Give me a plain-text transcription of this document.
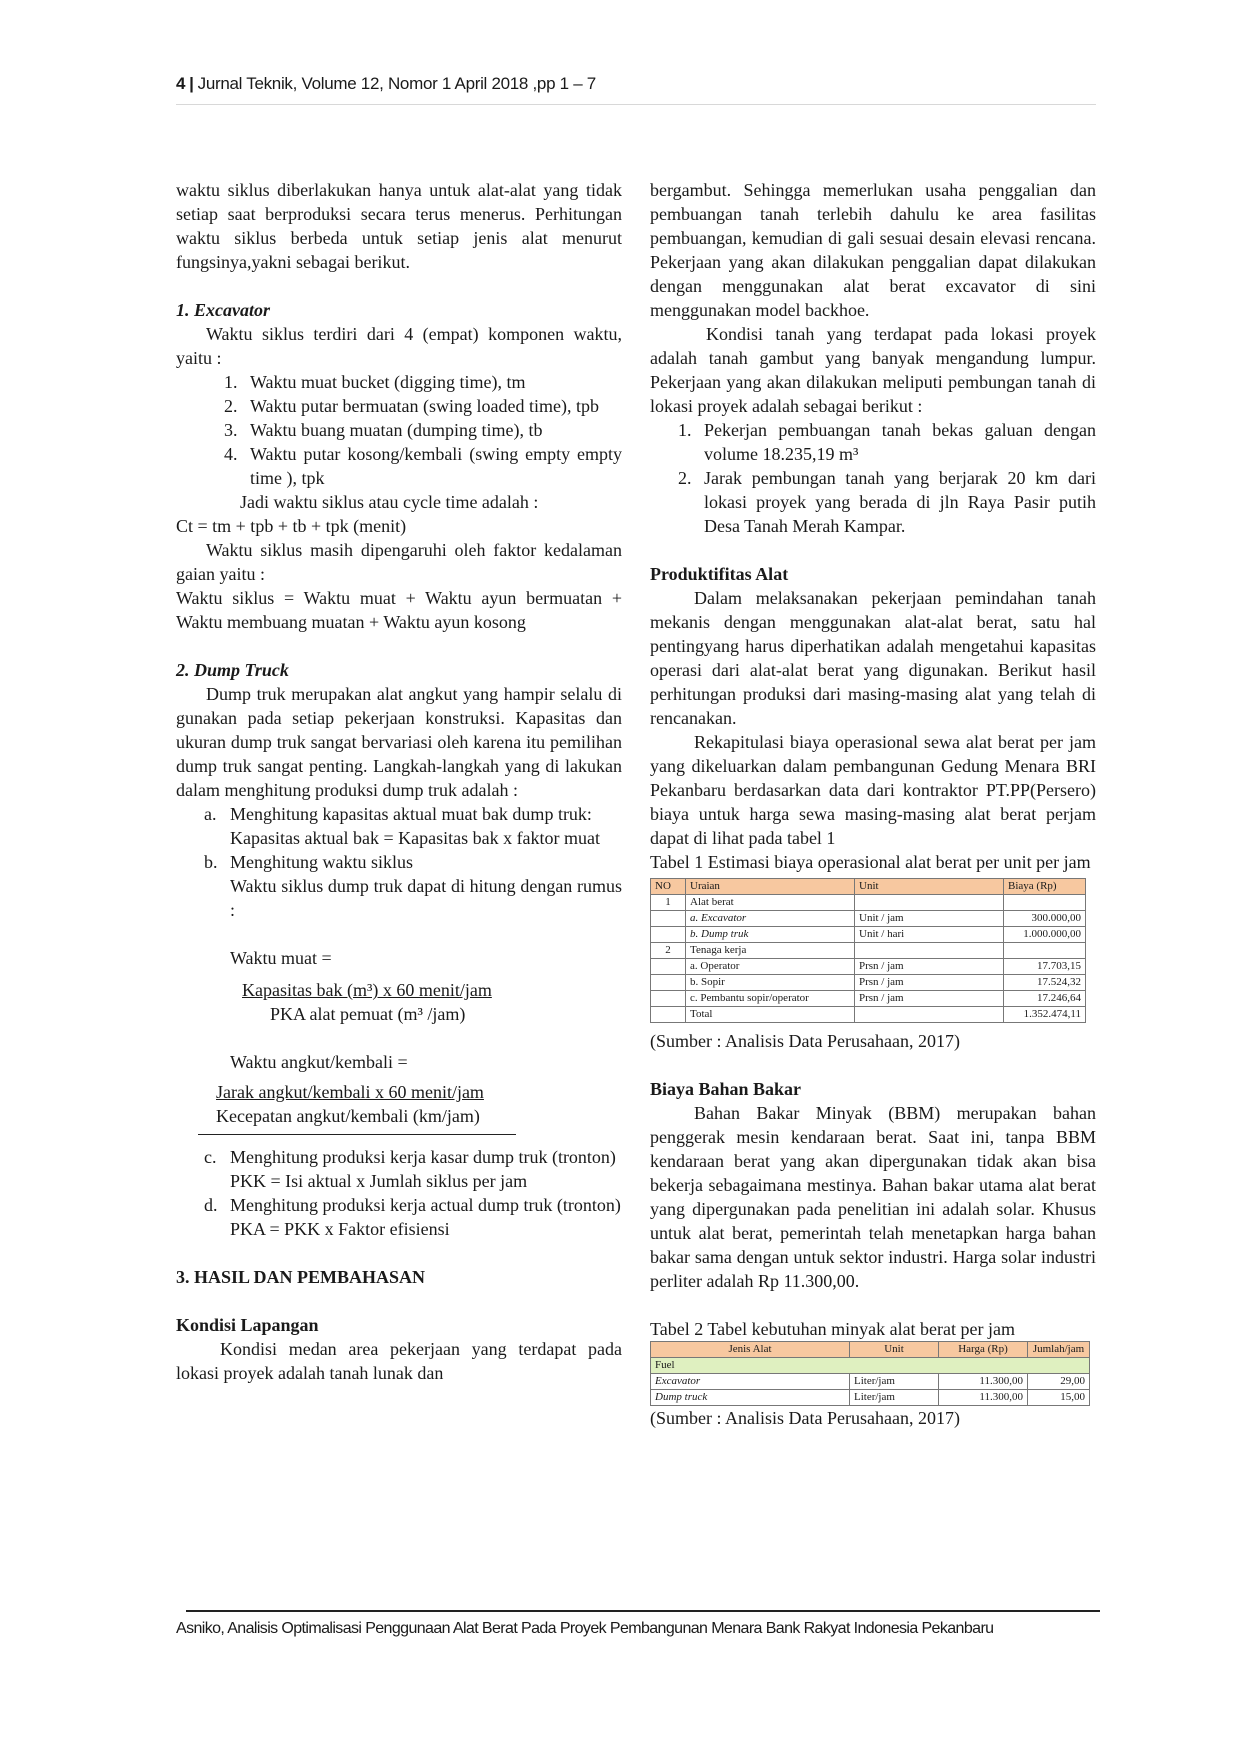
4 | Jurnal Teknik, Volume 12, Nomor 1 April 2018 ,pp 1 – 7

waktu siklus diberlakukan hanya untuk alat-alat yang tidak setiap saat berproduksi secara terus menerus. Perhitungan waktu siklus berbeda untuk setiap jenis alat menurut fungsinya,yakni sebagai berikut.

1. Excavator

Waktu siklus terdiri dari 4 (empat) komponen waktu, yaitu :

1. Waktu muat bucket (digging time), tm
2. Waktu putar bermuatan (swing loaded time), tpb
3. Waktu buang muatan (dumping time), tb
4. Waktu putar kosong/kembali (swing empty empty time ), tpk

Jadi waktu siklus atau cycle time adalah :

Ct = tm + tpb + tb + tpk (menit)

Waktu siklus masih dipengaruhi oleh faktor kedalaman gaian yaitu :

Waktu siklus = Waktu muat + Waktu ayun bermuatan + Waktu membuang muatan + Waktu ayun kosong

2. Dump Truck

Dump truk merupakan alat angkut yang hampir selalu di gunakan pada setiap pekerjaan konstruksi. Kapasitas dan ukuran dump truk sangat bervariasi oleh karena itu pemilihan dump truk sangat penting. Langkah-langkah yang di lakukan dalam menghitung produksi dump truk adalah :

a. Menghitung kapasitas aktual muat bak dump truk:

Kapasitas aktual bak = Kapasitas bak x faktor muat

b. Menghitung waktu siklus

Waktu siklus dump truk dapat di hitung dengan rumus :

Waktu muat =

Kapasitas bak (m³) x 60 menit/jam
PKA alat pemuat (m³ /jam)

Waktu angkut/kembali =

Jarak angkut/kembali x 60 menit/jam
Kecepatan angkut/kembali (km/jam)
c. Menghitung produksi kerja kasar dump truk (tronton)

PKK = Isi aktual x Jumlah siklus per jam

d. Menghitung produksi kerja actual dump truk (tronton)

PKA = PKK x Faktor efisiensi

3. HASIL DAN PEMBAHASAN

Kondisi Lapangan

Kondisi medan area pekerjaan yang terdapat pada lokasi proyek adalah tanah lunak dan

bergambut. Sehingga memerlukan usaha penggalian dan pembuangan tanah terlebih dahulu ke area fasilitas pembuangan, kemudian di gali sesuai desain elevasi rencana. Pekerjaan yang akan dilakukan penggalian dapat dilakukan dengan menggunakan alat berat excavator di sini menggunakan model backhoe.

Kondisi tanah yang terdapat pada lokasi proyek adalah tanah gambut yang banyak mengandung lumpur. Pekerjaan yang akan dilakukan meliputi pembungan tanah di lokasi proyek adalah sebagai berikut :

1. Pekerjan pembuangan tanah bekas galuan dengan volume 18.235,19 m³
2. Jarak pembungan tanah yang berjarak 20 km dari lokasi proyek yang berada di jln Raya Pasir putih Desa Tanah Merah Kampar.

Produktifitas Alat

Dalam melaksanakan pekerjaan pemindahan tanah mekanis dengan menggunakan alat-alat berat, satu hal pentingyang harus diperhatikan adalah mengetahui kapasitas operasi dari alat-alat berat yang digunakan. Berikut hasil perhitungan produksi dari masing-masing alat yang telah di rencanakan.

Rekapitulasi biaya operasional sewa alat berat per jam yang dikeluarkan dalam pembangunan Gedung Menara BRI Pekanbaru berdasarkan data dari kontraktor PT.PP(Persero) biaya untuk harga sewa masing-masing alat berat perjam dapat di lihat pada tabel 1

Tabel 1 Estimasi biaya operasional alat berat per unit per jam

NO	Uraian	Unit	Biaya (Rp)
1	Alat berat		
	a. Excavator	Unit / jam	300.000,00
	b. Dump truk	Unit / hari	1.000.000,00
2	Tenaga kerja		
	a. Operator	Prsn / jam	17.703,15
	b. Sopir	Prsn / jam	17.524,32
	c. Pembantu sopir/operator	Prsn / jam	17.246,64
	Total		1.352.474,11

(Sumber : Analisis Data Perusahaan, 2017)

Biaya Bahan Bakar

Bahan Bakar Minyak (BBM) merupakan bahan penggerak mesin kendaraan berat. Saat ini, tanpa BBM kendaraan berat yang akan dipergunakan tidak akan bisa bekerja sebagaimana mestinya. Bahan bakar utama alat berat yang dipergunakan pada penelitian ini adalah solar. Khusus untuk alat berat, pemerintah telah menetapkan harga bahan bakar sama dengan untuk sektor industri. Harga solar industri perliter adalah Rp 11.300,00.

Tabel 2 Tabel kebutuhan minyak alat berat per jam

Jenis Alat	Unit	Harga (Rp)	Jumlah/jam
Fuel			
Excavator	Liter/jam	11.300,00	29,00
Dump truck	Liter/jam	11.300,00	15,00

(Sumber : Analisis Data Perusahaan, 2017)

Asniko, Analisis Optimalisasi Penggunaan Alat Berat Pada Proyek Pembangunan Menara Bank Rakyat Indonesia Pekanbaru
